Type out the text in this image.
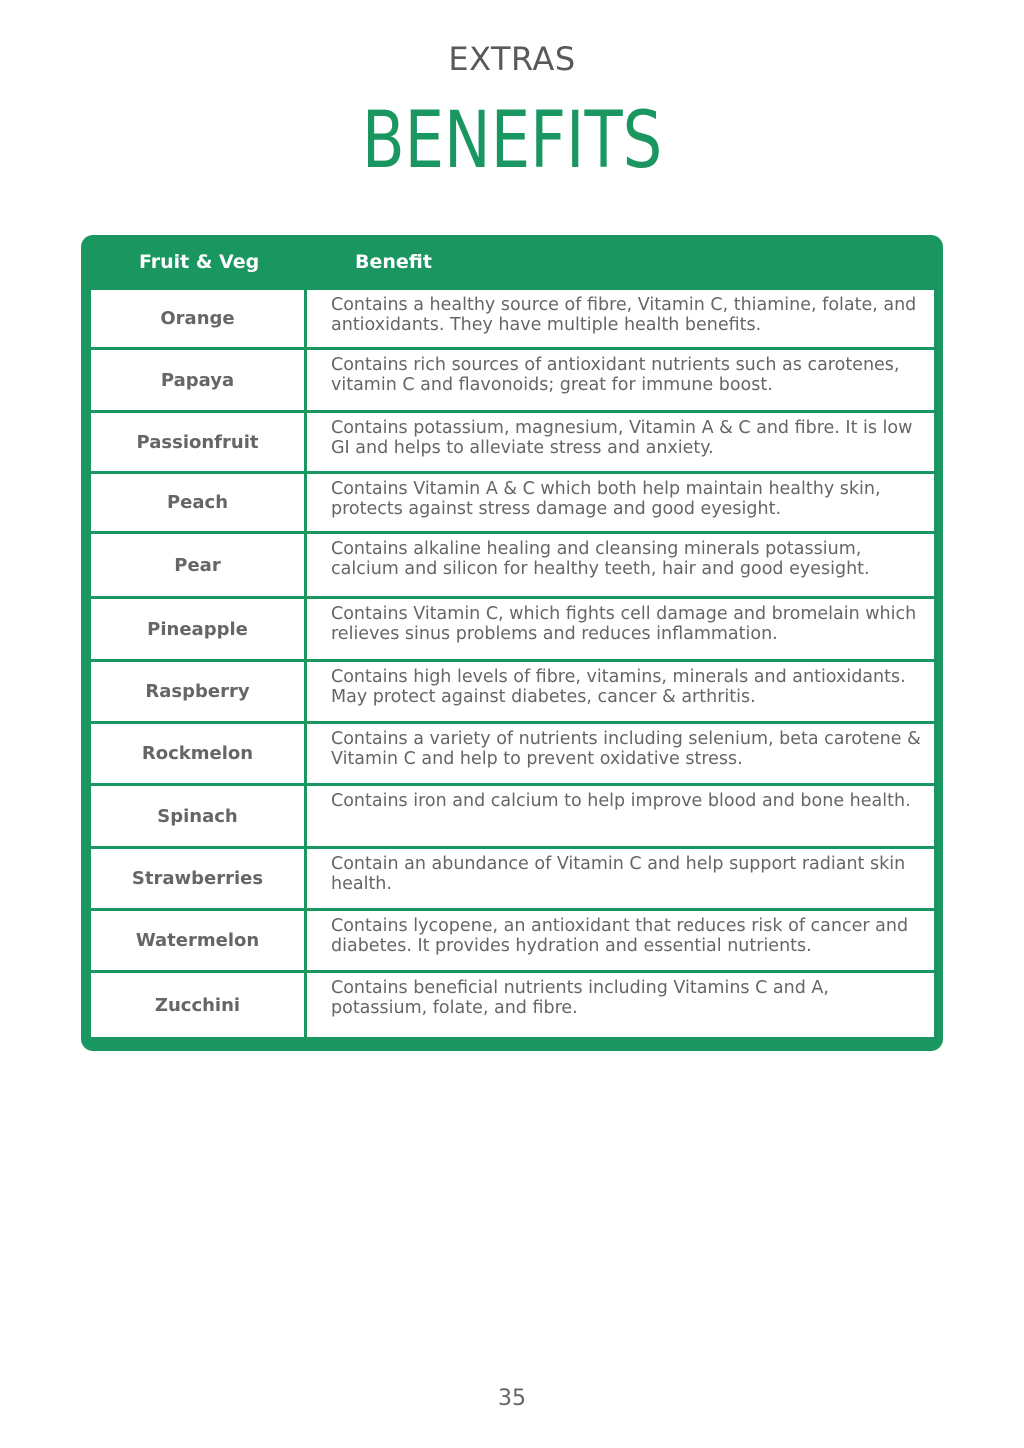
EXTRAS
BENEFITS
Fruit & Veg	Benefit
Orange
Contains a healthy source of fibre, Vitamin C, thiamine, folate, and antioxidants. They have multiple health benefits.
Papaya
Contains rich sources of antioxidant nutrients such as carotenes, vitamin C and flavonoids; great for immune boost.
Passionfruit
Contains potassium, magnesium, Vitamin A & C and fibre. It is low GI and helps to alleviate stress and anxiety.
Peach
Contains Vitamin A & C which both help maintain healthy skin, protects against stress damage and good eyesight.
Pear
Contains alkaline healing and cleansing minerals potassium, calcium and silicon for healthy teeth, hair and good eyesight.
Pineapple
Contains Vitamin C, which fights cell damage and bromelain which relieves sinus problems and reduces inflammation.
Raspberry
Contains high levels of fibre, vitamins, minerals and antioxidants. May protect against diabetes, cancer & arthritis.
Rockmelon
Contains a variety of nutrients including selenium, beta carotene & Vitamin C and help to prevent oxidative stress.
Spinach
Contains iron and calcium to help improve blood and bone health.
Strawberries
Contain an abundance of Vitamin C and help support radiant skin health.
Watermelon
Contains lycopene, an antioxidant that reduces risk of cancer and diabetes. It provides hydration and essential nutrients.
Zucchini
Contains beneficial nutrients including Vitamins C and A, potassium, folate, and fibre.
35
